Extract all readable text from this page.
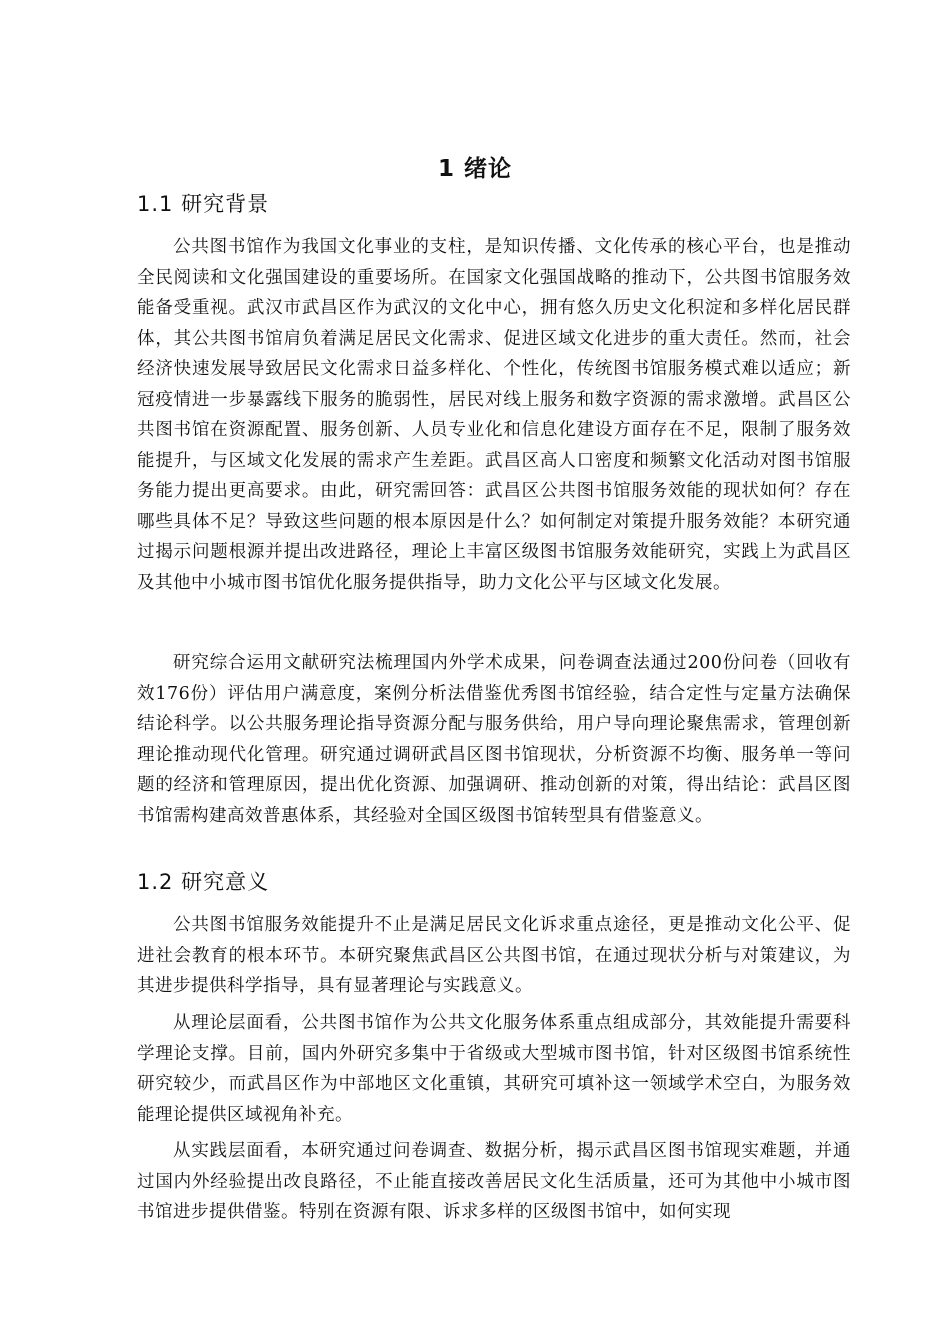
1 绪论
1.1 研究背景

公共图书馆作为我国文化事业的支柱，是知识传播、文化传承的核心平台，也是推动全民阅读和文化强国建设的重要场所。在国家文化强国战略的推动下，公共图书馆服务效能备受重视。武汉市武昌区作为武汉的文化中心，拥有悠久历史文化积淀和多样化居民群体，其公共图书馆肩负着满足居民文化需求、促进区域文化进步的重大责任。然而，社会经济快速发展导致居民文化需求日益多样化、个性化，传统图书馆服务模式难以适应；新冠疫情进一步暴露线下服务的脆弱性，居民对线上服务和数字资源的需求激增。武昌区公共图书馆在资源配置、服务创新、人员专业化和信息化建设方面存在不足，限制了服务效能提升，与区域文化发展的需求产生差距。武昌区高人口密度和频繁文化活动对图书馆服务能力提出更高要求。由此，研究需回答：武昌区公共图书馆服务效能的现状如何？存在哪些具体不足？导致这些问题的根本原因是什么？如何制定对策提升服务效能？本研究通过揭示问题根源并提出改进路径，理论上丰富区级图书馆服务效能研究，实践上为武昌区及其他中小城市图书馆优化服务提供指导，助力文化公平与区域文化发展。

研究综合运用文献研究法梳理国内外学术成果，问卷调查法通过200份问卷（回收有效176份）评估用户满意度，案例分析法借鉴优秀图书馆经验，结合定性与定量方法确保结论科学。以公共服务理论指导资源分配与服务供给，用户导向理论聚焦需求，管理创新理论推动现代化管理。研究通过调研武昌区图书馆现状，分析资源不均衡、服务单一等问题的经济和管理原因，提出优化资源、加强调研、推动创新的对策，得出结论：武昌区图书馆需构建高效普惠体系，其经验对全国区级图书馆转型具有借鉴意义。

1.2 研究意义

公共图书馆服务效能提升不止是满足居民文化诉求重点途径，更是推动文化公平、促进社会教育的根本环节。本研究聚焦武昌区公共图书馆，在通过现状分析与对策建议，为其进步提供科学指导，具有显著理论与实践意义。

从理论层面看，公共图书馆作为公共文化服务体系重点组成部分，其效能提升需要科学理论支撑。目前，国内外研究多集中于省级或大型城市图书馆，针对区级图书馆系统性研究较少，而武昌区作为中部地区文化重镇，其研究可填补这一领域学术空白，为服务效能理论提供区域视角补充。

从实践层面看，本研究通过问卷调查、数据分析，揭示武昌区图书馆现实难题，并通过国内外经验提出改良路径，不止能直接改善居民文化生活质量，还可为其他中小城市图书馆进步提供借鉴。特别在资源有限、诉求多样的区级图书馆中，如何实现
